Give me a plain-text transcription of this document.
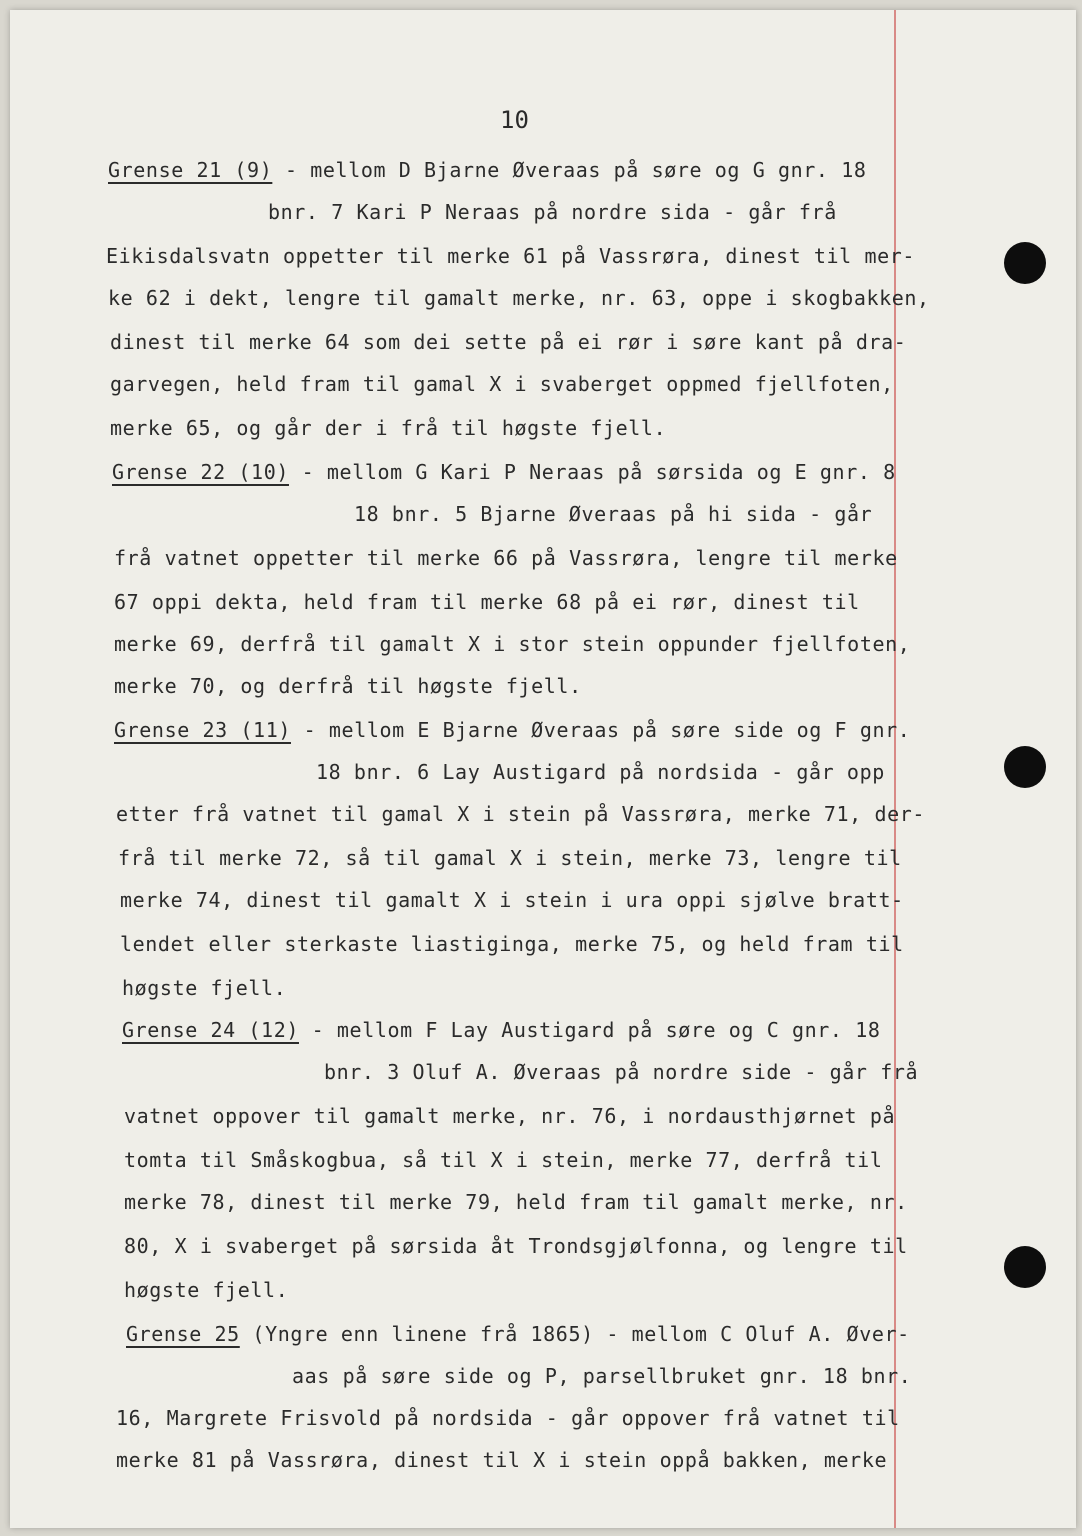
10
Grense 21 (9) - mellom D Bjarne Øveraas på søre og G gnr. 18
bnr. 7 Kari P Neraas på nordre sida - går frå
Eikisdalsvatn oppetter til merke 61 på Vassrøra, dinest til mer-
ke 62 i dekt, lengre til gamalt merke, nr. 63, oppe i skogbakken,
dinest til merke 64 som dei sette på ei rør i søre kant på dra-
garvegen, held fram til gamal X i svaberget oppmed fjellfoten,
merke 65, og går der i frå til høgste fjell.
Grense 22 (10) - mellom G Kari P Neraas på sørsida og E gnr. 8
18 bnr. 5 Bjarne Øveraas på hi sida - går
frå vatnet oppetter til merke 66 på Vassrøra, lengre til merke
67 oppi dekta, held fram til merke 68 på ei rør, dinest til
merke 69, derfrå til gamalt X i stor stein oppunder fjellfoten,
merke 70, og derfrå til høgste fjell.
Grense 23 (11) - mellom E Bjarne Øveraas på søre side og F gnr.
18 bnr. 6 Lay Austigard på nordsida - går opp
etter frå vatnet til gamal X i stein på Vassrøra, merke 71, der-
frå til merke 72, så til gamal X i stein, merke 73, lengre til
merke 74, dinest til gamalt X i stein i ura oppi sjølve bratt-
lendet eller sterkaste liastiginga, merke 75, og held fram til
høgste fjell.
Grense 24 (12) - mellom F Lay Austigard på søre og C gnr. 18
bnr. 3 Oluf A. Øveraas på nordre side - går frå
vatnet oppover til gamalt merke, nr. 76, i nordausthjørnet på
tomta til Småskogbua, så til X i stein, merke 77, derfrå til
merke 78, dinest til merke 79, held fram til gamalt merke, nr.
80, X i svaberget på sørsida åt Trondsgjølfonna, og lengre til
høgste fjell.
Grense 25 (Yngre enn linene frå 1865) - mellom C Oluf A. Øver-
aas på søre side og P, parsellbruket gnr. 18 bnr.
16, Margrete Frisvold på nordsida - går oppover frå vatnet til
merke 81 på Vassrøra, dinest til X i stein oppå bakken, merke
